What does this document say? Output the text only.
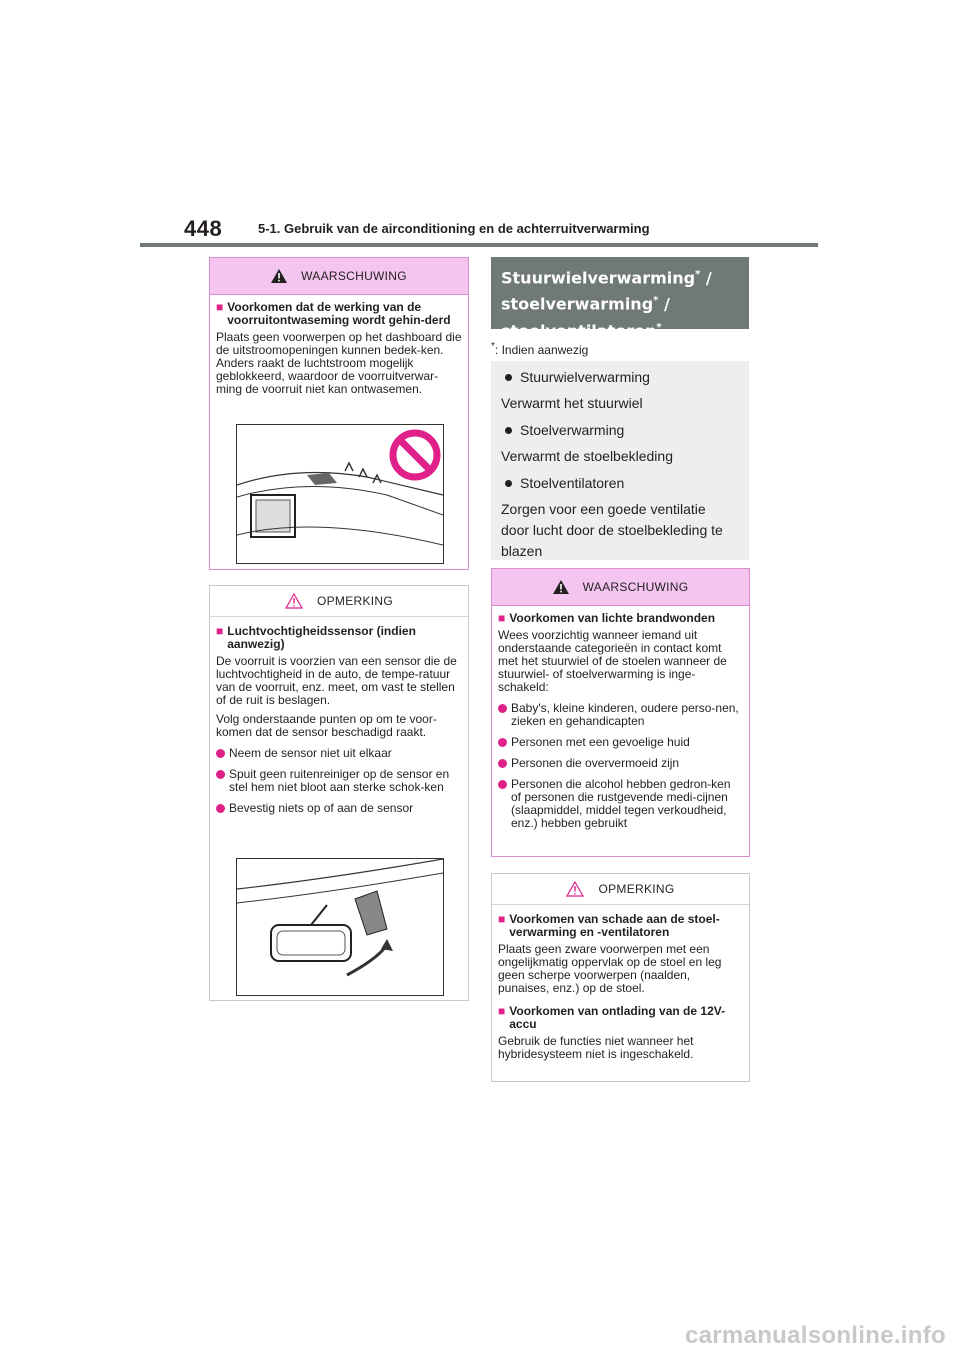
448	5-1. Gebruik van de airconditioning en de achterruitverwarming
WAARSCHUWING
■ Voorkomen dat de werking van de voorruitontwaseming wordt gehin-derd

Plaats geen voorwerpen op het dashboard die de uitstroomopeningen kunnen bedek-ken. Anders raakt de luchtstroom mogelijk geblokkeerd, waardoor de voorruitverwar-ming de voorruit niet kan ontwasemen.

OPMERKING
■ Luchtvochtigheidssensor (indien aanwezig)

De voorruit is voorzien van een sensor die de luchtvochtigheid in de auto, de tempe-ratuur van de voorruit, enz. meet, om vast te stellen of de ruit is beslagen.

Volg onderstaande punten op om te voor-komen dat de sensor beschadigd raakt.

Neem de sensor niet uit elkaar
Spuit geen ruitenreiniger op de sensor en stel hem niet bloot aan sterke schok-ken
Bevestig niets op of aan de sensor
Stuurwielverwarming* /
stoelverwarming* /
stoelventilatoren*
*: Indien aanwezig
Stuurwielverwarming

Verwarmt het stuurwiel

Stoelverwarming

Verwarmt de stoelbekleding

Stoelventilatoren

Zorgen voor een goede ventilatie door lucht door de stoelbekleding te blazen

WAARSCHUWING
■ Voorkomen van lichte brandwonden

Wees voorzichtig wanneer iemand uit onderstaande categorieën in contact komt met het stuurwiel of de stoelen wanneer de stuurwiel- of stoelverwarming is inge-schakeld:

Baby's, kleine kinderen, oudere perso-nen, zieken en gehandicapten
Personen met een gevoelige huid
Personen die oververmoeid zijn
Personen die alcohol hebben gedron-ken of personen die rustgevende medi-cijnen (slaapmiddel, middel tegen verkoudheid, enz.) hebben gebruikt
OPMERKING
■ Voorkomen van schade aan de stoel-verwarming en -ventilatoren

Plaats geen zware voorwerpen met een ongelijkmatig oppervlak op de stoel en leg geen scherpe voorwerpen (naalden, punaises, enz.) op de stoel.

■ Voorkomen van ontlading van de 12V-accu

Gebruik de functies niet wanneer het hybridesysteem niet is ingeschakeld.

carmanualsonline.info
